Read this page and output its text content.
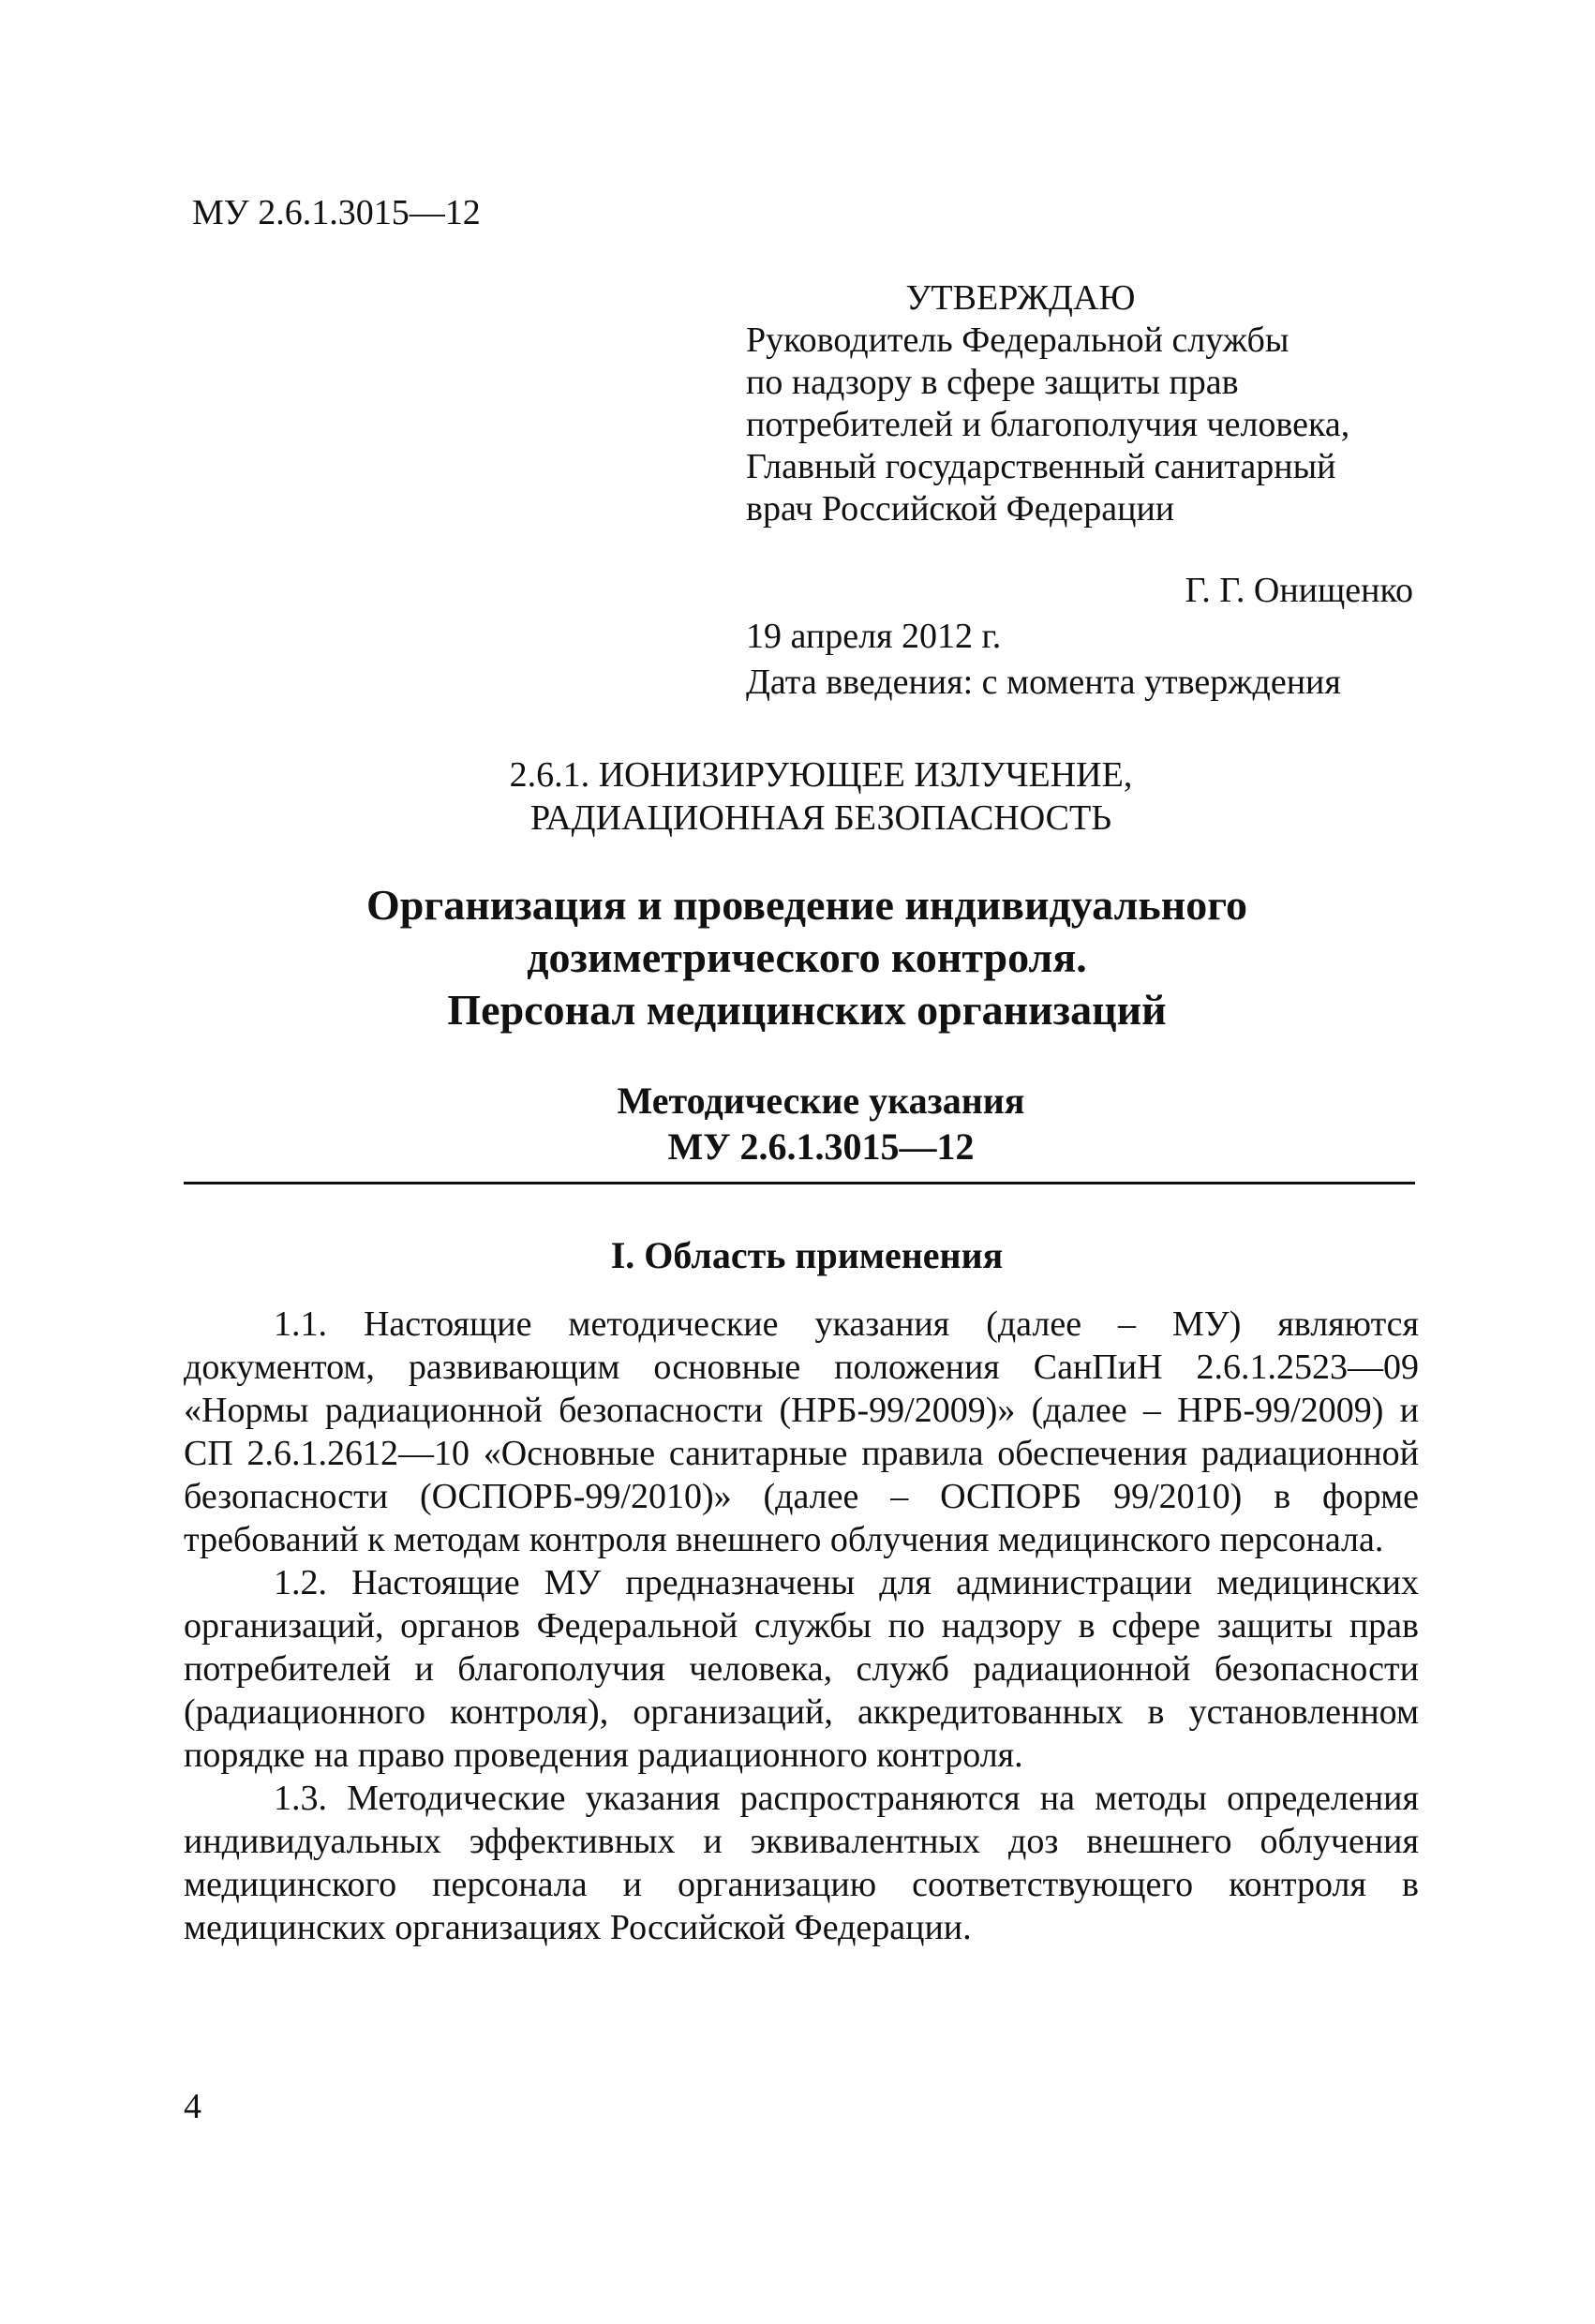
МУ 2.6.1.3015—12
УТВЕРЖДАЮ
Руководитель Федеральной службы
по надзору в сфере защиты прав
потребителей и благополучия человека,
Главный государственный санитарный
врач Российской Федерации
Г. Г. Онищенко
19 апреля 2012 г.
Дата введения: с момента утверждения
2.6.1. ИОНИЗИРУЮЩЕЕ ИЗЛУЧЕНИЕ,
РАДИАЦИОННАЯ БЕЗОПАСНОСТЬ
Организация и проведение индивидуального
дозиметрического контроля.
Персонал медицинских организаций
Методические указания
МУ 2.6.1.3015—12
I. Область применения

1.1. Настоящие методические указания (далее – МУ) являются документом, развивающим основные положения СанПиН 2.6.1.2523—09 «Нормы радиационной безопасности (НРБ-99/2009)» (далее – НРБ-99/2009) и СП 2.6.1.2612—10 «Основные санитарные правила обеспечения радиационной безопасности (ОСПОРБ-99/2010)» (далее – ОСПОРБ 99/2010) в форме требований к методам контроля внешнего облучения медицинского персонала.

1.2. Настоящие МУ предназначены для администрации медицинских организаций, органов Федеральной службы по надзору в сфере защиты прав потребителей и благополучия человека, служб радиационной безопасности (радиационного контроля), организаций, аккредитованных в установленном порядке на право проведения радиационного контроля.

1.3. Методические указания распространяются на методы определения индивидуальных эффективных и эквивалентных доз внешнего облучения медицинского персонала и организацию соответствующего контроля в медицинских организациях Российской Федерации.

4
